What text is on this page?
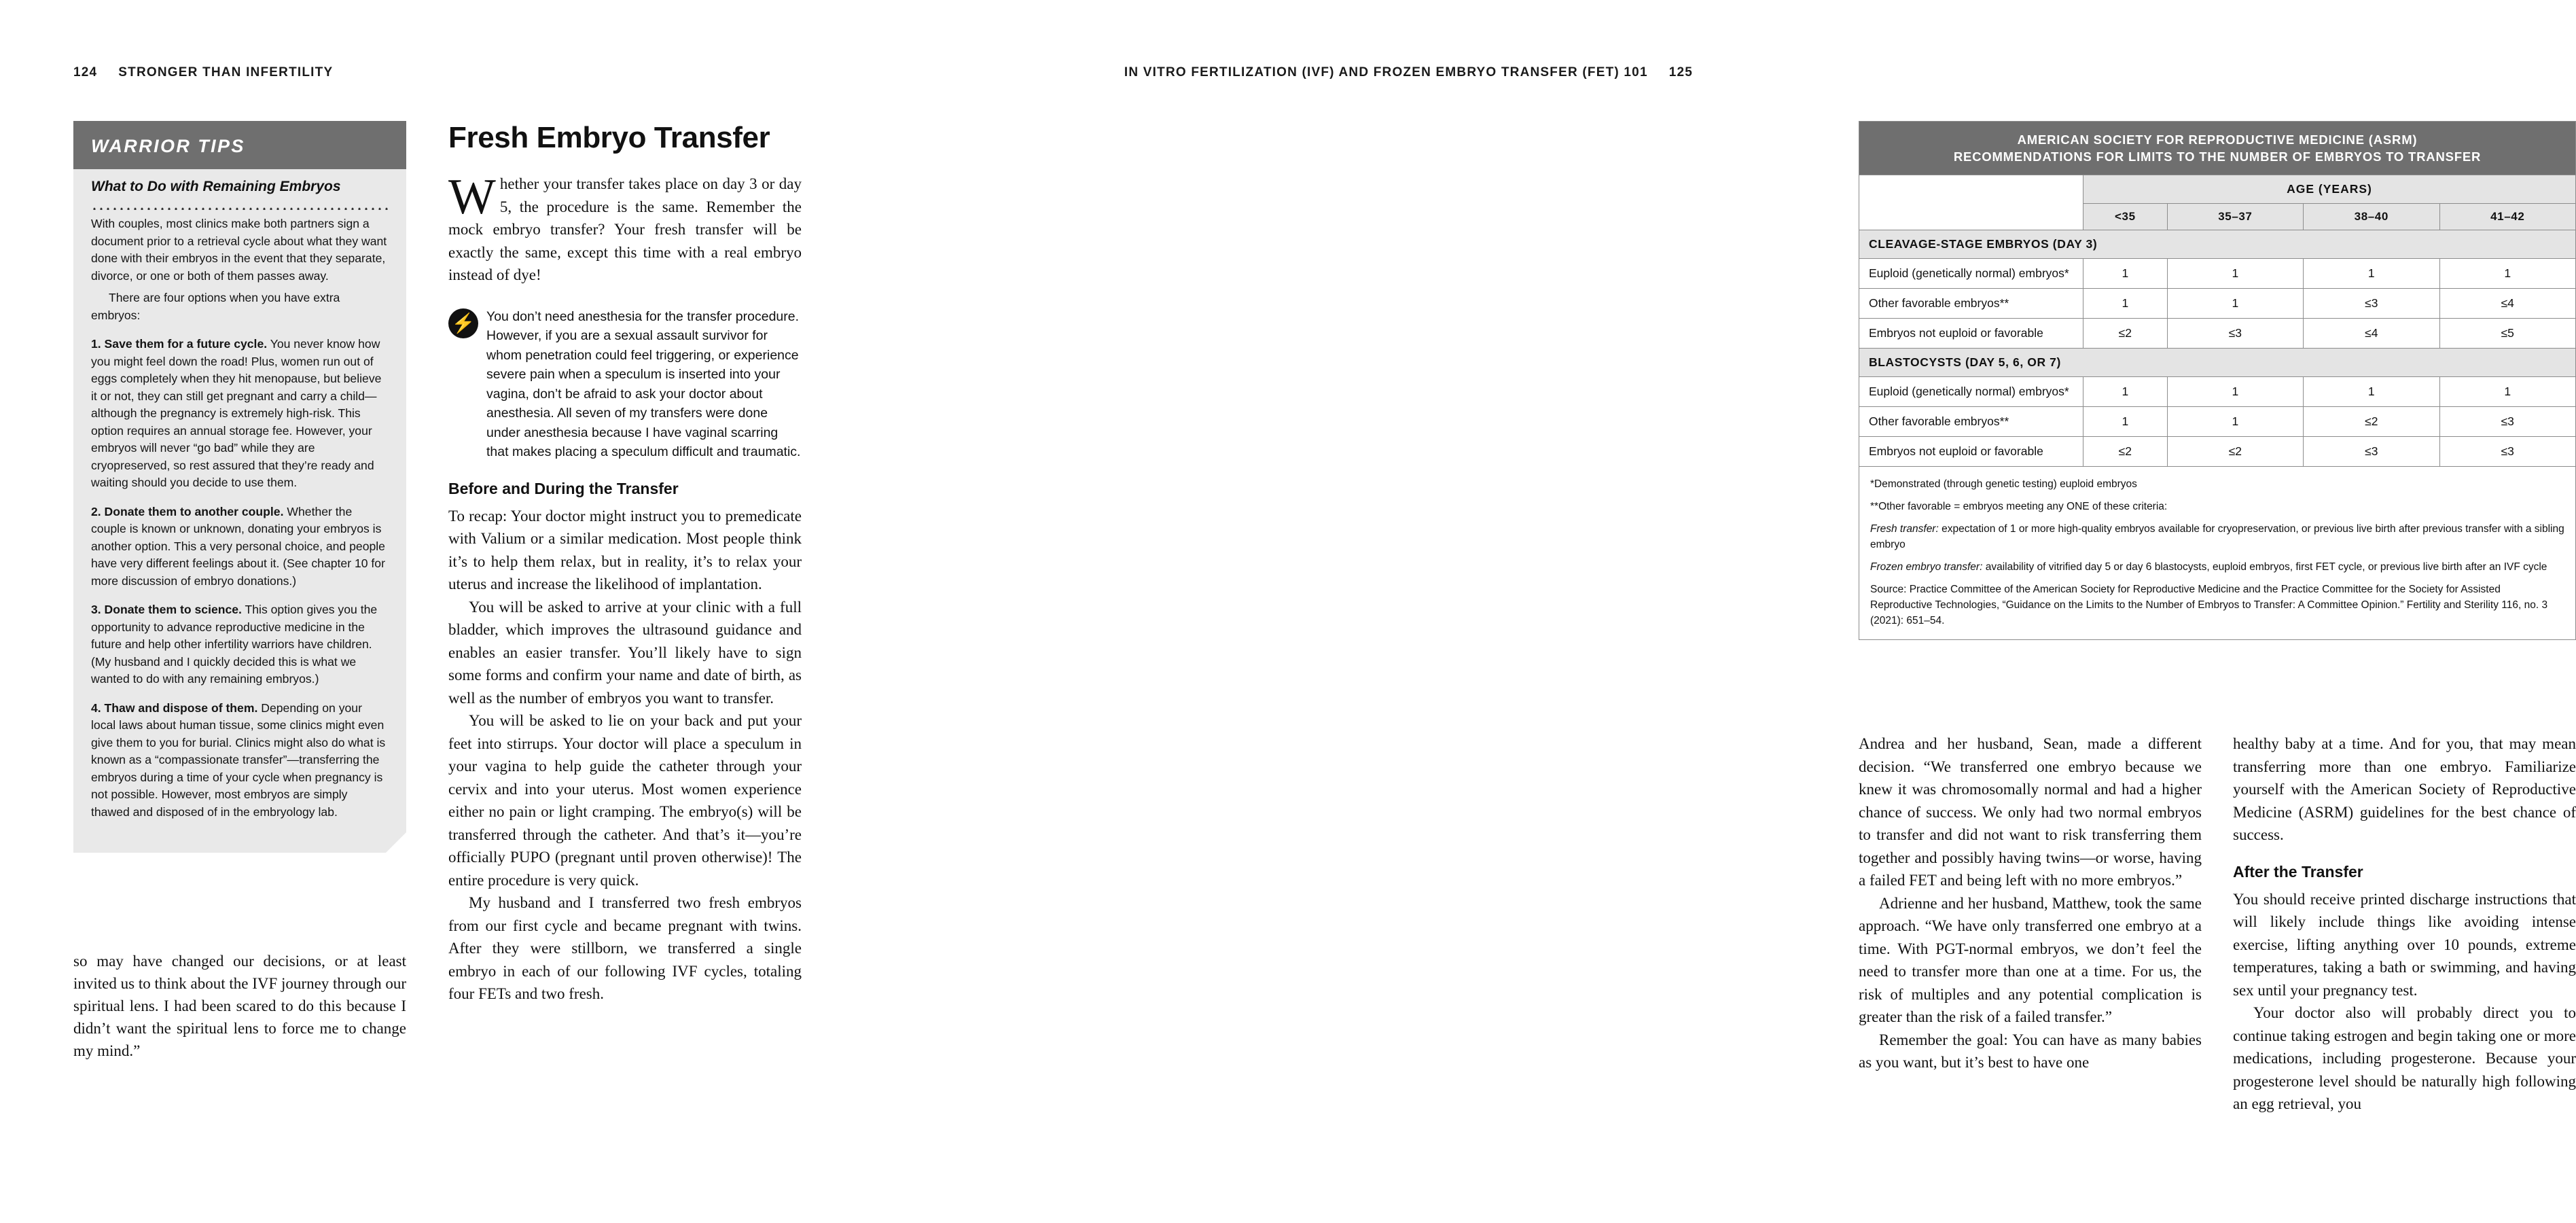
124 STRONGER THAN INFERTILITY
WARRIOR TIPS
What to Do with Remaining Embryos

With couples, most clinics make both partners sign a document prior to a retrieval cycle about what they want done with their embryos in the event that they separate, divorce, or one or both of them passes away.

There are four options when you have extra embryos:

1. Save them for a future cycle. You never know how you might feel down the road! Plus, women run out of eggs completely when they hit menopause, but believe it or not, they can still get pregnant and carry a child—although the pregnancy is extremely high-risk. This option requires an annual storage fee. However, your embryos will never “go bad” while they are cryopreserved, so rest assured that they’re ready and waiting should you decide to use them.

2. Donate them to another couple. Whether the couple is known or unknown, donating your embryos is another option. This a very personal choice, and people have very different feelings about it. (See chapter 10 for more discussion of embryo donations.)

3. Donate them to science. This option gives you the opportunity to advance reproductive medicine in the future and help other infertility warriors have children. (My husband and I quickly decided this is what we wanted to do with any remaining embryos.)

4. Thaw and dispose of them. Depending on your local laws about human tissue, some clinics might even give them to you for burial. Clinics might also do what is known as a “compassionate transfer”—transferring the embryos during a time of your cycle when pregnancy is not possible. However, most embryos are simply thawed and disposed of in the embryology lab.

so may have changed our decisions, or at least invited us to think about the IVF journey through our spiritual lens. I had been scared to do this because I didn’t want the spiritual lens to force me to change my mind.”

Fresh Embryo Transfer

Whether your transfer takes place on day 3 or day 5, the procedure is the same. Remember the mock embryo transfer? Your fresh transfer will be exactly the same, except this time with a real embryo instead of dye!

⚡ You don’t need anesthesia for the transfer procedure. However, if you are a sexual assault survivor for whom penetration could feel triggering, or experience severe pain when a speculum is inserted into your vagina, don’t be afraid to ask your doctor about anesthesia. All seven of my transfers were done under anesthesia because I have vaginal scarring that makes placing a speculum difficult and traumatic.

Before and During the Transfer

To recap: Your doctor might instruct you to premedicate with Valium or a similar medication. Most people think it’s to help them relax, but in reality, it’s to relax your uterus and increase the likelihood of implantation.

You will be asked to arrive at your clinic with a full bladder, which improves the ultrasound guidance and enables an easier transfer. You’ll likely have to sign some forms and confirm your name and date of birth, as well as the number of embryos you want to transfer.

You will be asked to lie on your back and put your feet into stirrups. Your doctor will place a speculum in your vagina to help guide the catheter through your cervix and into your uterus. Most women experience either no pain or light cramping. The embryo(s) will be transferred through the catheter. And that’s it—you’re officially PUPO (pregnant until proven otherwise)! The entire procedure is very quick.

My husband and I transferred two fresh embryos from our first cycle and became pregnant with twins. After they were stillborn, we transferred a single embryo in each of our following IVF cycles, totaling four FETs and two fresh.

IN VITRO FERTILIZATION (IVF) AND FROZEN EMBRYO TRANSFER (FET) 101 125
AMERICAN SOCIETY FOR REPRODUCTIVE MEDICINE (ASRM)
RECOMMENDATIONS FOR LIMITS TO THE NUMBER OF EMBRYOS TO TRANSFER				

	AGE (YEARS)			
	<35	35–37	38–40	41–42
CLEAVAGE-STAGE EMBRYOS (DAY 3)				
Euploid (genetically normal) embryos*	1	1	1	1
Other favorable embryos**	1	1	≤3	≤4
Embryos not euploid or favorable	≤2	≤3	≤4	≤5
BLASTOCYSTS (DAY 5, 6, OR 7)				
Euploid (genetically normal) embryos*	1	1	1	1
Other favorable embryos**	1	1	≤2	≤3
Embryos not euploid or favorable	≤2	≤2	≤3	≤3

*Demonstrated (through genetic testing) euploid embryos

**Other favorable = embryos meeting any ONE of these criteria:

Fresh transfer: expectation of 1 or more high-quality embryos available for cryopreservation, or previous live birth after previous transfer with a sibling embryo

Frozen embryo transfer: availability of vitrified day 5 or day 6 blastocysts, euploid embryos, first FET cycle, or previous live birth after an IVF cycle

Source: Practice Committee of the American Society for Reproductive Medicine and the Practice Committee for the Society for Assisted Reproductive Technologies, “Guidance on the Limits to the Number of Embryos to Transfer: A Committee Opinion.” Fertility and Sterility 116, no. 3 (2021): 651–54.

Andrea and her husband, Sean, made a different decision. “We transferred one embryo because we knew it was chromosomally normal and had a higher chance of success. We only had two normal embryos to transfer and did not want to risk transferring them together and possibly having twins—or worse, having a failed FET and being left with no more embryos.”

Adrienne and her husband, Matthew, took the same approach. “We have only transferred one embryo at a time. With PGT-normal embryos, we don’t feel the need to transfer more than one at a time. For us, the risk of multiples and any potential complication is greater than the risk of a failed transfer.”

Remember the goal: You can have as many babies as you want, but it’s best to have one

healthy baby at a time. And for you, that may mean transferring more than one embryo. Familiarize yourself with the American Society of Reproductive Medicine (ASRM) guidelines for the best chance of success.

After the Transfer

You should receive printed discharge instructions that will likely include things like avoiding intense exercise, lifting anything over 10 pounds, extreme temperatures, taking a bath or swimming, and having sex until your pregnancy test.

Your doctor also will probably direct you to continue taking estrogen and begin taking one or more medications, including progesterone. Because your progesterone level should be naturally high following an egg retrieval, you
